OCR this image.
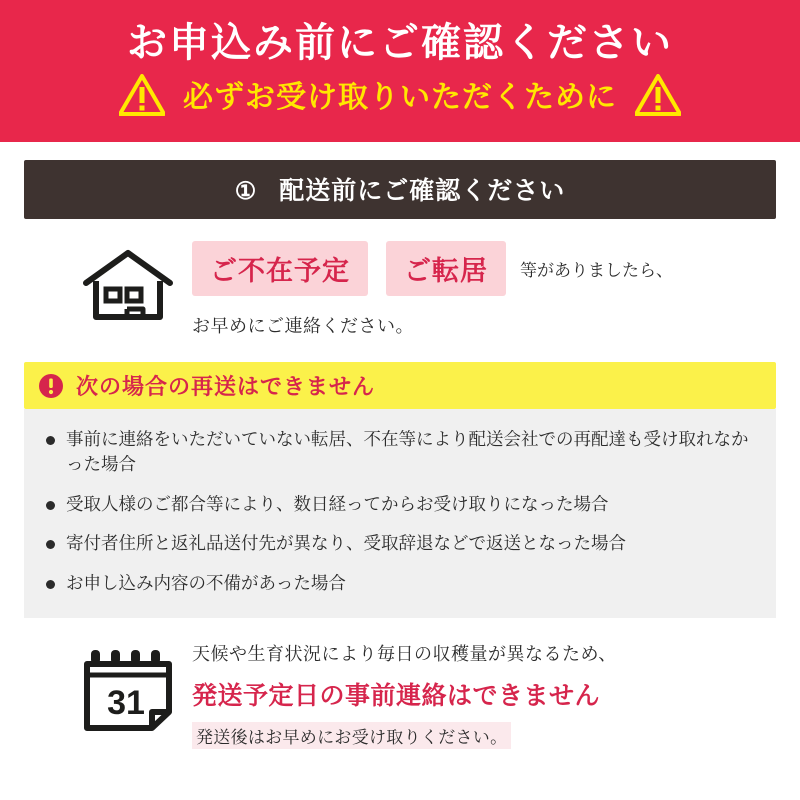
お申込み前にご確認ください
必ずお受け取りいただくために
① 配送前にご確認ください
ご不在予定	ご転居	等がありましたら、
お早めにご連絡ください。
次の場合の再送はできません
事前に連絡をいただいていない転居、不在等により配送会社での再配達も受け取れなかった場合
受取人様のご都合等により、数日経ってからお受け取りになった場合
寄付者住所と返礼品送付先が異なり、受取辞退などで返送となった場合
お申し込み内容の不備があった場合
31
天候や生育状況により毎日の収穫量が異なるため、
発送予定日の事前連絡はできません
発送後はお早めにお受け取りください。
